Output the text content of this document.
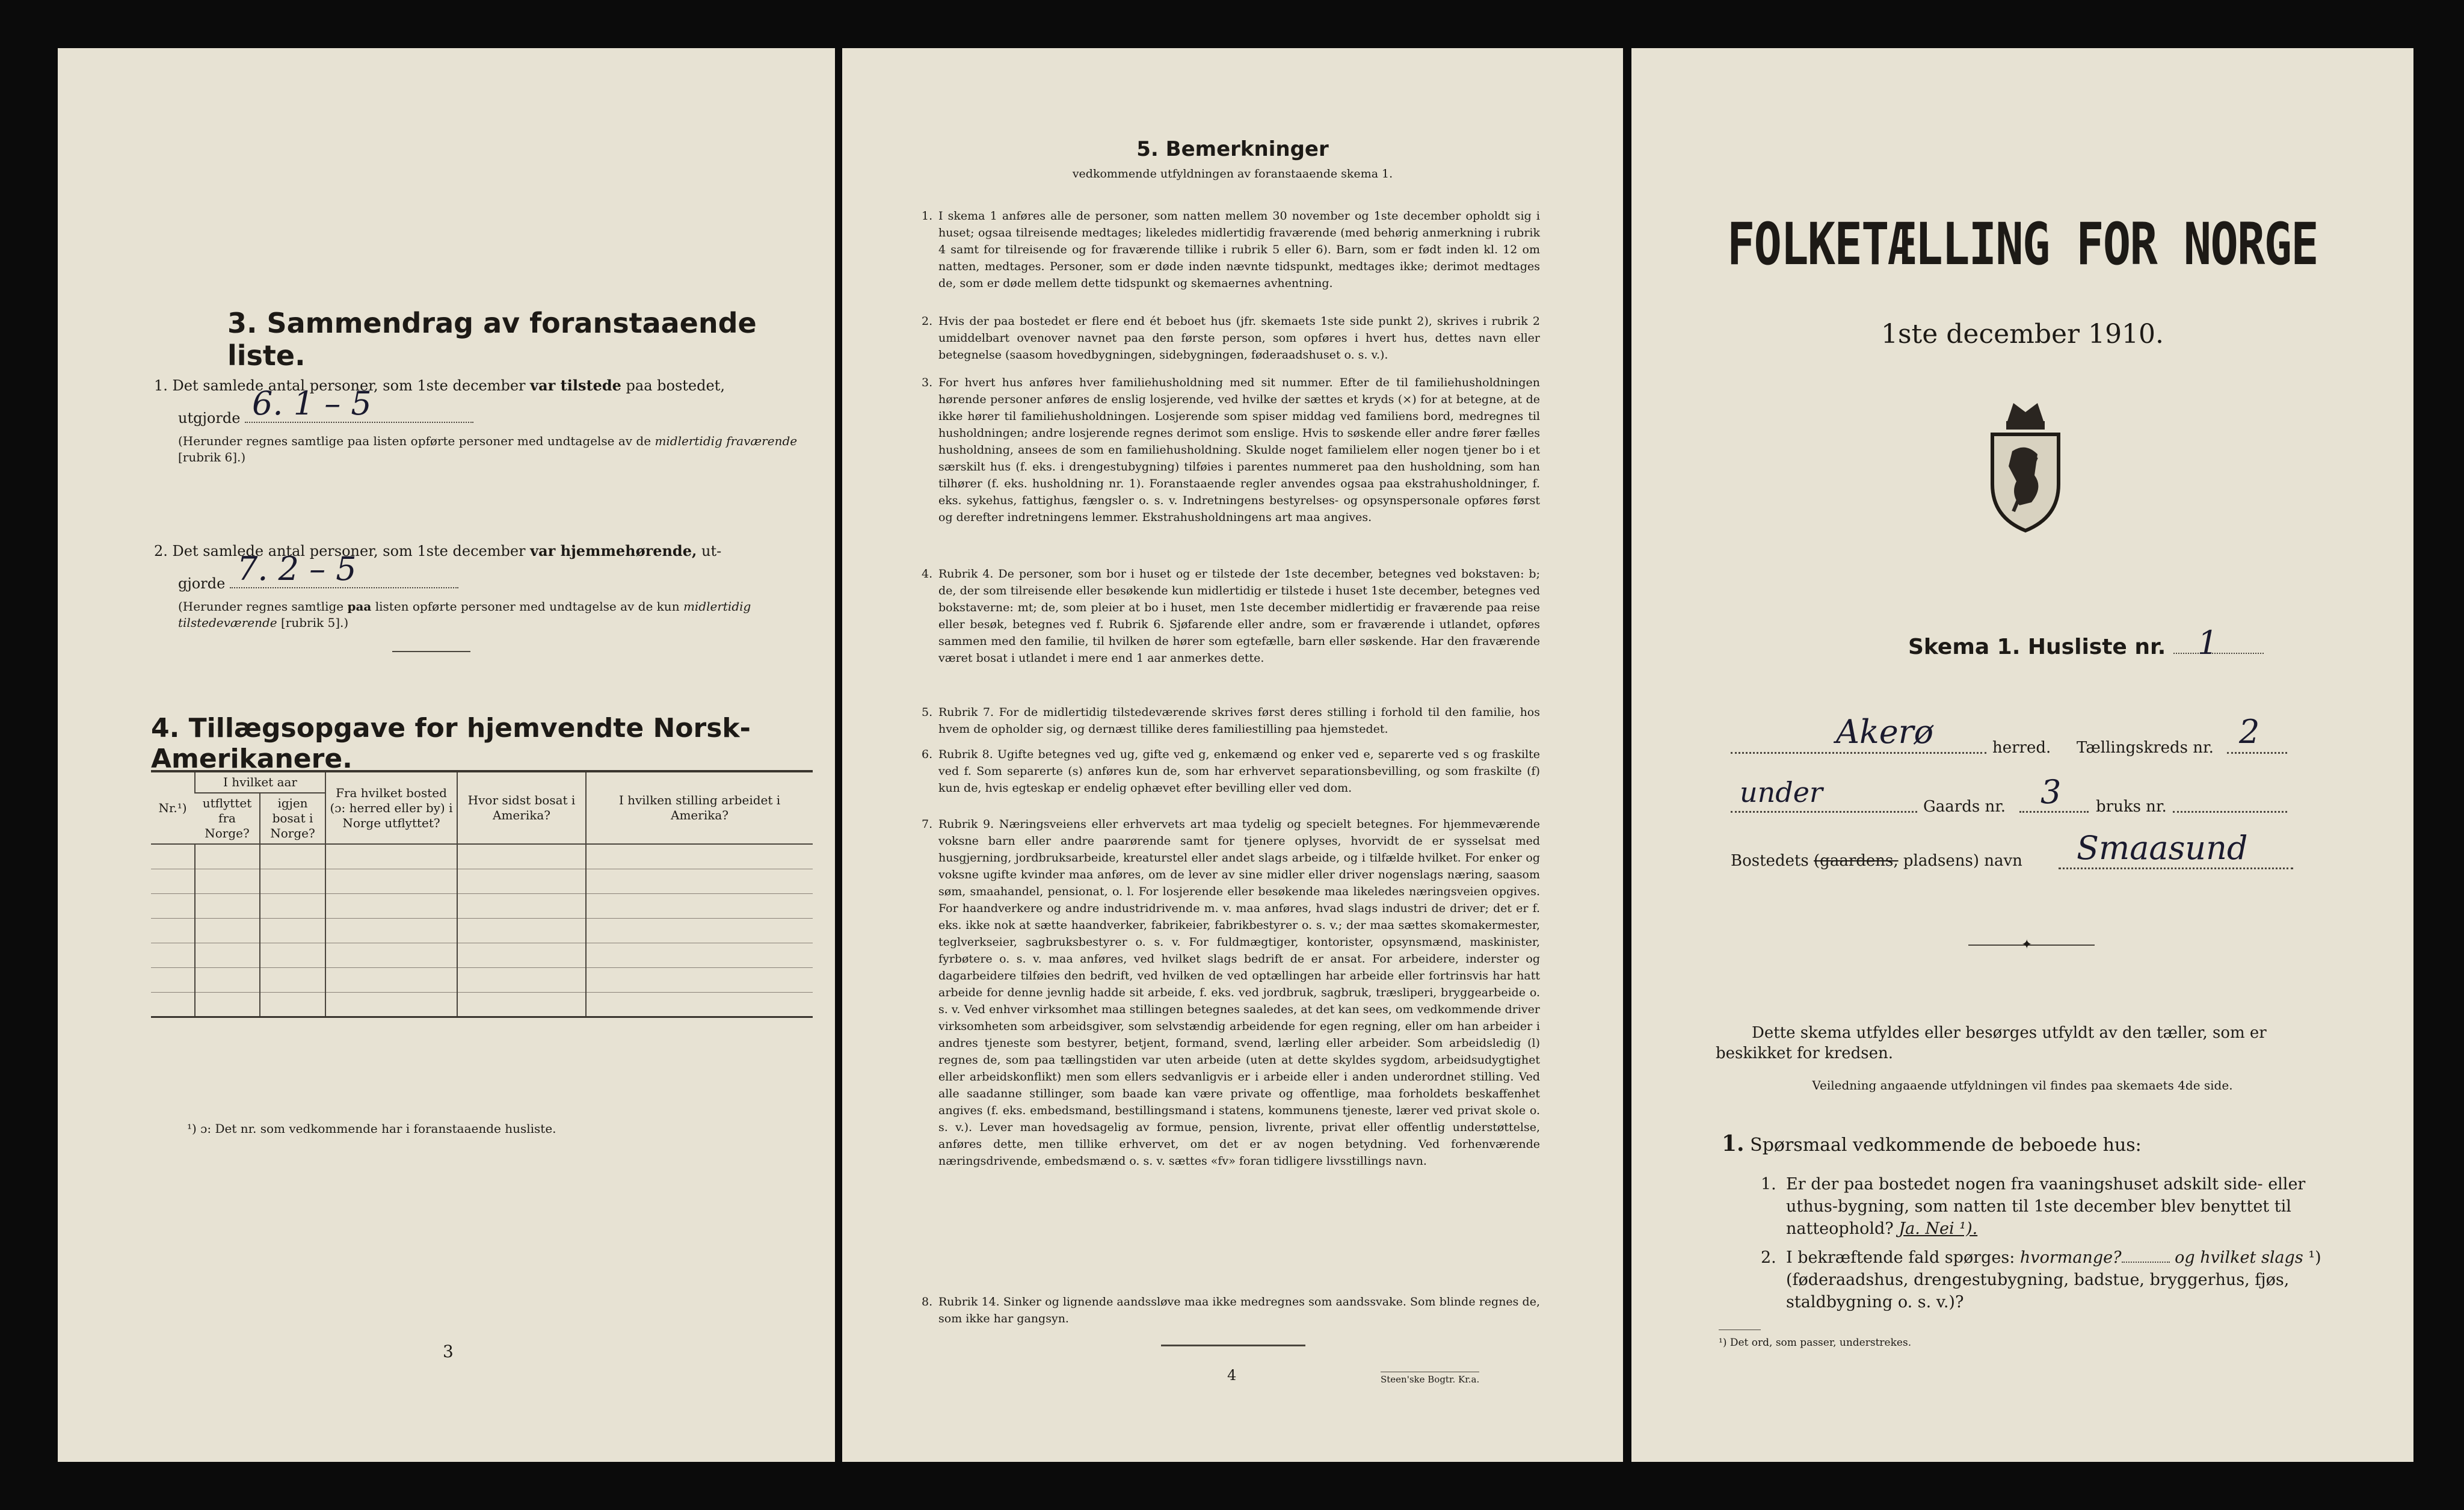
3. Sammendrag av foranstaaende liste.
1. Det samlede antal personer, som 1ste december var tilstede paa bostedet,
utgjorde 6. 1 – 5
(Herunder regnes samtlige paa listen opførte personer med undtagelse av de midlertidig fraværende [rubrik 6].)
2. Det samlede antal personer, som 1ste december var hjemmehørende, ut-
gjorde 7. 2 – 5
(Herunder regnes samtlige paa listen opførte personer med undtagelse av de kun midlertidig tilstedeværende [rubrik 5].)
4. Tillægsopgave for hjemvendte Norsk-Amerikanere.
Nr.¹)	I hvilket aar		Fra hvilket bosted (ɔ: herred eller by) i Norge utflyttet?	Hvor sidst bosat i Amerika?	I hvilken stilling arbeidet i Amerika?
	utflyttet fra Norge?	igjen bosat i Norge?			

¹) ɔ: Det nr. som vedkommende har i foranstaaende husliste.
3
5. Bemerkninger
vedkommende utfyldningen av foranstaaende skema 1.
1. I skema 1 anføres alle de personer, som natten mellem 30 november og 1ste december opholdt sig i huset; ogsaa tilreisende medtages; likeledes midlertidig fraværende (med behørig anmerkning i rubrik 4 samt for tilreisende og for fraværende tillike i rubrik 5 eller 6). Barn, som er født inden kl. 12 om natten, medtages. Personer, som er døde inden nævnte tidspunkt, medtages ikke; derimot medtages de, som er døde mellem dette tidspunkt og skemaernes avhentning.
2. Hvis der paa bostedet er flere end ét beboet hus (jfr. skemaets 1ste side punkt 2), skrives i rubrik 2 umiddelbart ovenover navnet paa den første person, som opføres i hvert hus, dettes navn eller betegnelse (saasom hovedbygningen, sidebygningen, føderaadshuset o. s. v.).
3. For hvert hus anføres hver familiehusholdning med sit nummer. Efter de til familiehusholdningen hørende personer anføres de enslig losjerende, ved hvilke der sættes et kryds (×) for at betegne, at de ikke hører til familiehusholdningen. Losjerende som spiser middag ved familiens bord, medregnes til husholdningen; andre losjerende regnes derimot som enslige. Hvis to søskende eller andre fører fælles husholdning, ansees de som en familiehusholdning. Skulde noget familielem eller nogen tjener bo i et særskilt hus (f. eks. i drengestubygning) tilføies i parentes nummeret paa den husholdning, som han tilhører (f. eks. husholdning nr. 1). Foranstaaende regler anvendes ogsaa paa ekstrahusholdninger, f. eks. sykehus, fattighus, fængsler o. s. v. Indretningens bestyrelses- og opsynspersonale opføres først og derefter indretningens lemmer. Ekstrahusholdningens art maa angives.
4. Rubrik 4. De personer, som bor i huset og er tilstede der 1ste december, betegnes ved bokstaven: b; de, der som tilreisende eller besøkende kun midlertidig er tilstede i huset 1ste december, betegnes ved bokstaverne: mt; de, som pleier at bo i huset, men 1ste december midlertidig er fraværende paa reise eller besøk, betegnes ved f. Rubrik 6. Sjøfarende eller andre, som er fraværende i utlandet, opføres sammen med den familie, til hvilken de hører som egtefælle, barn eller søskende. Har den fraværende været bosat i utlandet i mere end 1 aar anmerkes dette.
5. Rubrik 7. For de midlertidig tilstedeværende skrives først deres stilling i forhold til den familie, hos hvem de opholder sig, og dernæst tillike deres familiestilling paa hjemstedet.
6. Rubrik 8. Ugifte betegnes ved ug, gifte ved g, enkemænd og enker ved e, separerte ved s og fraskilte ved f. Som separerte (s) anføres kun de, som har erhvervet separationsbevilling, og som fraskilte (f) kun de, hvis egteskap er endelig ophævet efter bevilling eller ved dom.
7. Rubrik 9. Næringsveiens eller erhvervets art maa tydelig og specielt betegnes. For hjemmeværende voksne barn eller andre paarørende samt for tjenere oplyses, hvorvidt de er sysselsat med husgjerning, jordbruksarbeide, kreaturstel eller andet slags arbeide, og i tilfælde hvilket. For enker og voksne ugifte kvinder maa anføres, om de lever av sine midler eller driver nogenslags næring, saasom søm, smaahandel, pensionat, o. l. For losjerende eller besøkende maa likeledes næringsveien opgives. For haandverkere og andre industridrivende m. v. maa anføres, hvad slags industri de driver; det er f. eks. ikke nok at sætte haandverker, fabrikeier, fabrikbestyrer o. s. v.; der maa sættes skomakermester, teglverkseier, sagbruksbestyrer o. s. v. For fuldmægtiger, kontorister, opsynsmænd, maskinister, fyrbøtere o. s. v. maa anføres, ved hvilket slags bedrift de er ansat. For arbeidere, inderster og dagarbeidere tilføies den bedrift, ved hvilken de ved optællingen har arbeide eller fortrinsvis har hatt arbeide for denne jevnlig hadde sit arbeide, f. eks. ved jordbruk, sagbruk, træsliperi, bryggearbeide o. s. v. Ved enhver virksomhet maa stillingen betegnes saaledes, at det kan sees, om vedkommende driver virksomheten som arbeidsgiver, som selvstændig arbeidende for egen regning, eller om han arbeider i andres tjeneste som bestyrer, betjent, formand, svend, lærling eller arbeider. Som arbeidsledig (l) regnes de, som paa tællingstiden var uten arbeide (uten at dette skyldes sygdom, arbeidsudygtighet eller arbeidskonflikt) men som ellers sedvanligvis er i arbeide eller i anden underordnet stilling. Ved alle saadanne stillinger, som baade kan være private og offentlige, maa forholdets beskaffenhet angives (f. eks. embedsmand, bestillingsmand i statens, kommunens tjeneste, lærer ved privat skole o. s. v.). Lever man hovedsagelig av formue, pension, livrente, privat eller offentlig understøttelse, anføres dette, men tillike erhvervet, om det er av nogen betydning. Ved forhenværende næringsdrivende, embedsmænd o. s. v. sættes «fv» foran tidligere livsstillings navn.
8. Rubrik 14. Sinker og lignende aandssløve maa ikke medregnes som aandssvake. Som blinde regnes de, som ikke har gangsyn.
4	Steen'ske Bogtr. Kr.a.
FOLKETÆLLING FOR NORGE
1ste december 1910.
Skema 1. Husliste nr. 1
Akerø	herred. Tællingskreds nr. 2
under	Gaards nr. 3 bruks nr.
Bostedets (gaardens, pladsens) navn Smaasund
✦
Dette skema utfyldes eller besørges utfyldt av den tæller, som er beskikket for kredsen.
Veiledning angaaende utfyldningen vil findes paa skemaets 4de side.
1. Spørsmaal vedkommende de beboede hus:
1. Er der paa bostedet nogen fra vaaningshuset adskilt side- eller uthus-bygning, som natten til 1ste december blev benyttet til natteophold? Ja. Nei ¹).
2. I bekræftende fald spørges: hvormange?	og hvilket slags ¹) (føderaadshus, drengestubygning, badstue, bryggerhus, fjøs, staldbygning o. s. v.)?
¹) Det ord, som passer, understrekes.
